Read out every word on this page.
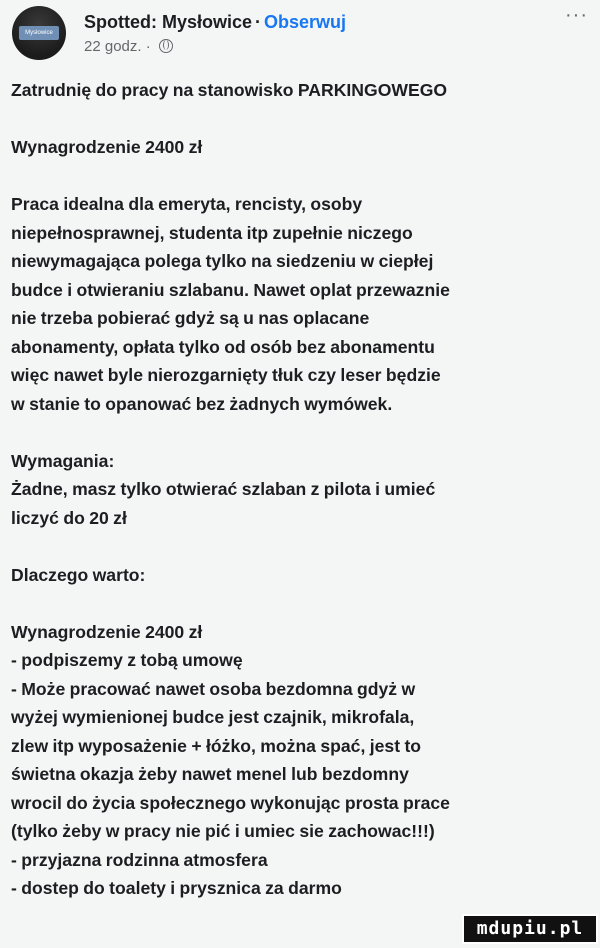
Mysłowice
Spotted: Mysłowice · Obserwuj
22 godz. ·
···
Zatrudnię do pracy na stanowisko PARKINGOWEGO

Wynagrodzenie 2400 zł

Praca idealna dla emeryta, rencisty, osoby
niepełnosprawnej, studenta itp zupełnie niczego
niewymagająca polega tylko na siedzeniu w ciepłej
budce i otwieraniu szlabanu. Nawet oplat przewaznie
nie trzeba pobierać gdyż są u nas oplacane
abonamenty, opłata tylko od osób bez abonamentu
więc nawet byle nierozgarnięty tłuk czy leser będzie
w stanie to opanować bez żadnych wymówek.

Wymagania:
Żadne, masz tylko otwierać szlaban z pilota i umieć
liczyć do 20 zł

Dlaczego warto:

Wynagrodzenie 2400 zł
- podpiszemy z tobą umowę
- Może pracować nawet osoba bezdomna gdyż w
wyżej wymienionej budce jest czajnik, mikrofala,
zlew itp wyposażenie + łóżko, można spać, jest to
świetna okazja żeby nawet menel lub bezdomny
wrocil do życia społecznego wykonując prosta prace
(tylko żeby w pracy nie pić i umiec sie zachowac!!!)
- przyjazna rodzinna atmosfera
- dostep do toalety i prysznica za darmo
mdupiu.pl
